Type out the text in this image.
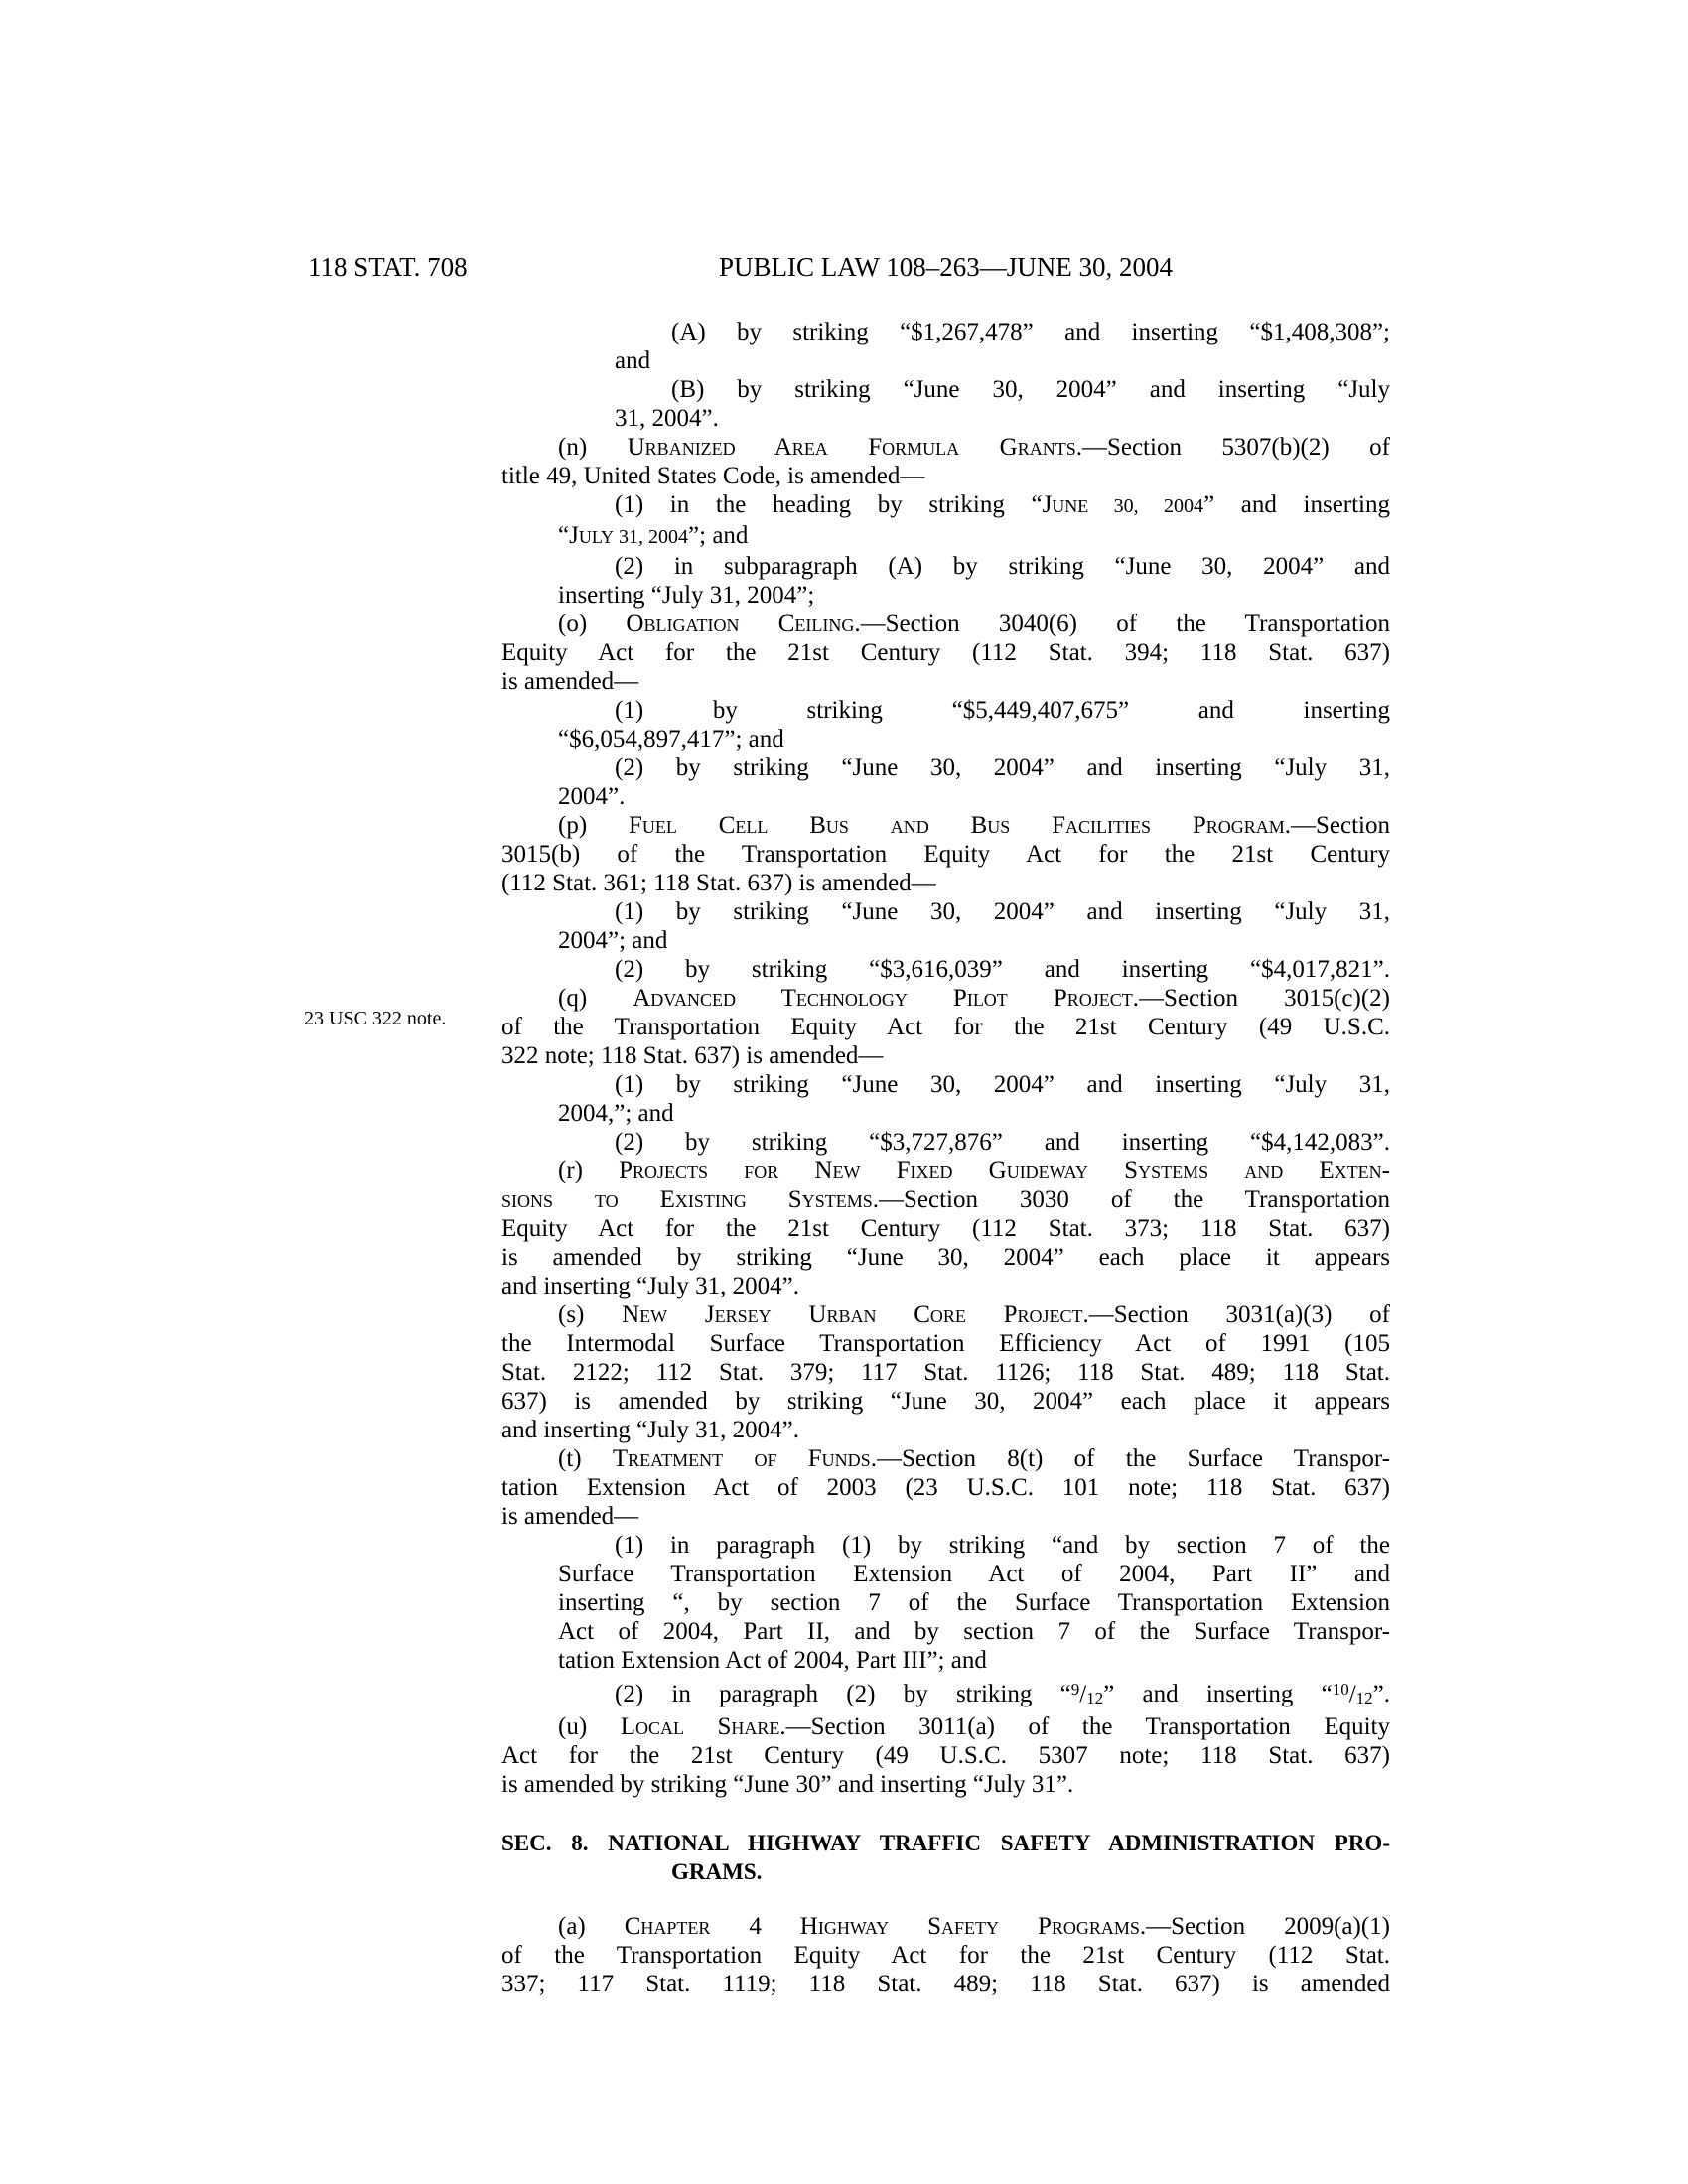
118 STAT. 708	PUBLIC LAW 108–263—JUNE 30, 2004
23 USC 322 note.
(A) by striking “$1,267,478” and inserting “$1,408,308”;
and
(B) by striking “June 30, 2004” and inserting “July
31, 2004”.
(n) Urbanized Area Formula Grants.—Section 5307(b)(2) of
title 49, United States Code, is amended—
(1) in the heading by striking “June 30, 2004” and inserting
“July 31, 2004”; and
(2) in subparagraph (A) by striking “June 30, 2004” and
inserting “July 31, 2004”;
(o) Obligation Ceiling.—Section 3040(6) of the Transportation
Equity Act for the 21st Century (112 Stat. 394; 118 Stat. 637)
is amended—
(1) by striking “$5,449,407,675” and inserting
“$6,054,897,417”; and
(2) by striking “June 30, 2004” and inserting “July 31,
2004”.
(p) Fuel Cell Bus and Bus Facilities Program.—Section
3015(b) of the Transportation Equity Act for the 21st Century
(112 Stat. 361; 118 Stat. 637) is amended—
(1) by striking “June 30, 2004” and inserting “July 31,
2004”; and
(2) by striking “$3,616,039” and inserting “$4,017,821”.
(q) Advanced Technology Pilot Project.—Section 3015(c)(2)
of the Transportation Equity Act for the 21st Century (49 U.S.C.
322 note; 118 Stat. 637) is amended—
(1) by striking “June 30, 2004” and inserting “July 31,
2004,”; and
(2) by striking “$3,727,876” and inserting “$4,142,083”.
(r) Projects for New Fixed Guideway Systems and Exten-
sions to Existing Systems.—Section 3030 of the Transportation
Equity Act for the 21st Century (112 Stat. 373; 118 Stat. 637)
is amended by striking “June 30, 2004” each place it appears
and inserting “July 31, 2004”.
(s) New Jersey Urban Core Project.—Section 3031(a)(3) of
the Intermodal Surface Transportation Efficiency Act of 1991 (105
Stat. 2122; 112 Stat. 379; 117 Stat. 1126; 118 Stat. 489; 118 Stat.
637) is amended by striking “June 30, 2004” each place it appears
and inserting “July 31, 2004”.
(t) Treatment of Funds.—Section 8(t) of the Surface Transpor-
tation Extension Act of 2003 (23 U.S.C. 101 note; 118 Stat. 637)
is amended—
(1) in paragraph (1) by striking “and by section 7 of the
Surface Transportation Extension Act of 2004, Part II” and
inserting “, by section 7 of the Surface Transportation Extension
Act of 2004, Part II, and by section 7 of the Surface Transpor-
tation Extension Act of 2004, Part III”; and
(2) in paragraph (2) by striking “$^9$/12” and inserting “$^{10}$/12”.
(u) Local Share.—Section 3011(a) of the Transportation Equity
Act for the 21st Century (49 U.S.C. 5307 note; 118 Stat. 637)
is amended by striking “June 30” and inserting “July 31”.
SEC. 8. NATIONAL HIGHWAY TRAFFIC SAFETY ADMINISTRATION PRO-
GRAMS.
(a) Chapter 4 Highway Safety Programs.—Section 2009(a)(1)
of the Transportation Equity Act for the 21st Century (112 Stat.
337; 117 Stat. 1119; 118 Stat. 489; 118 Stat. 637) is amended
